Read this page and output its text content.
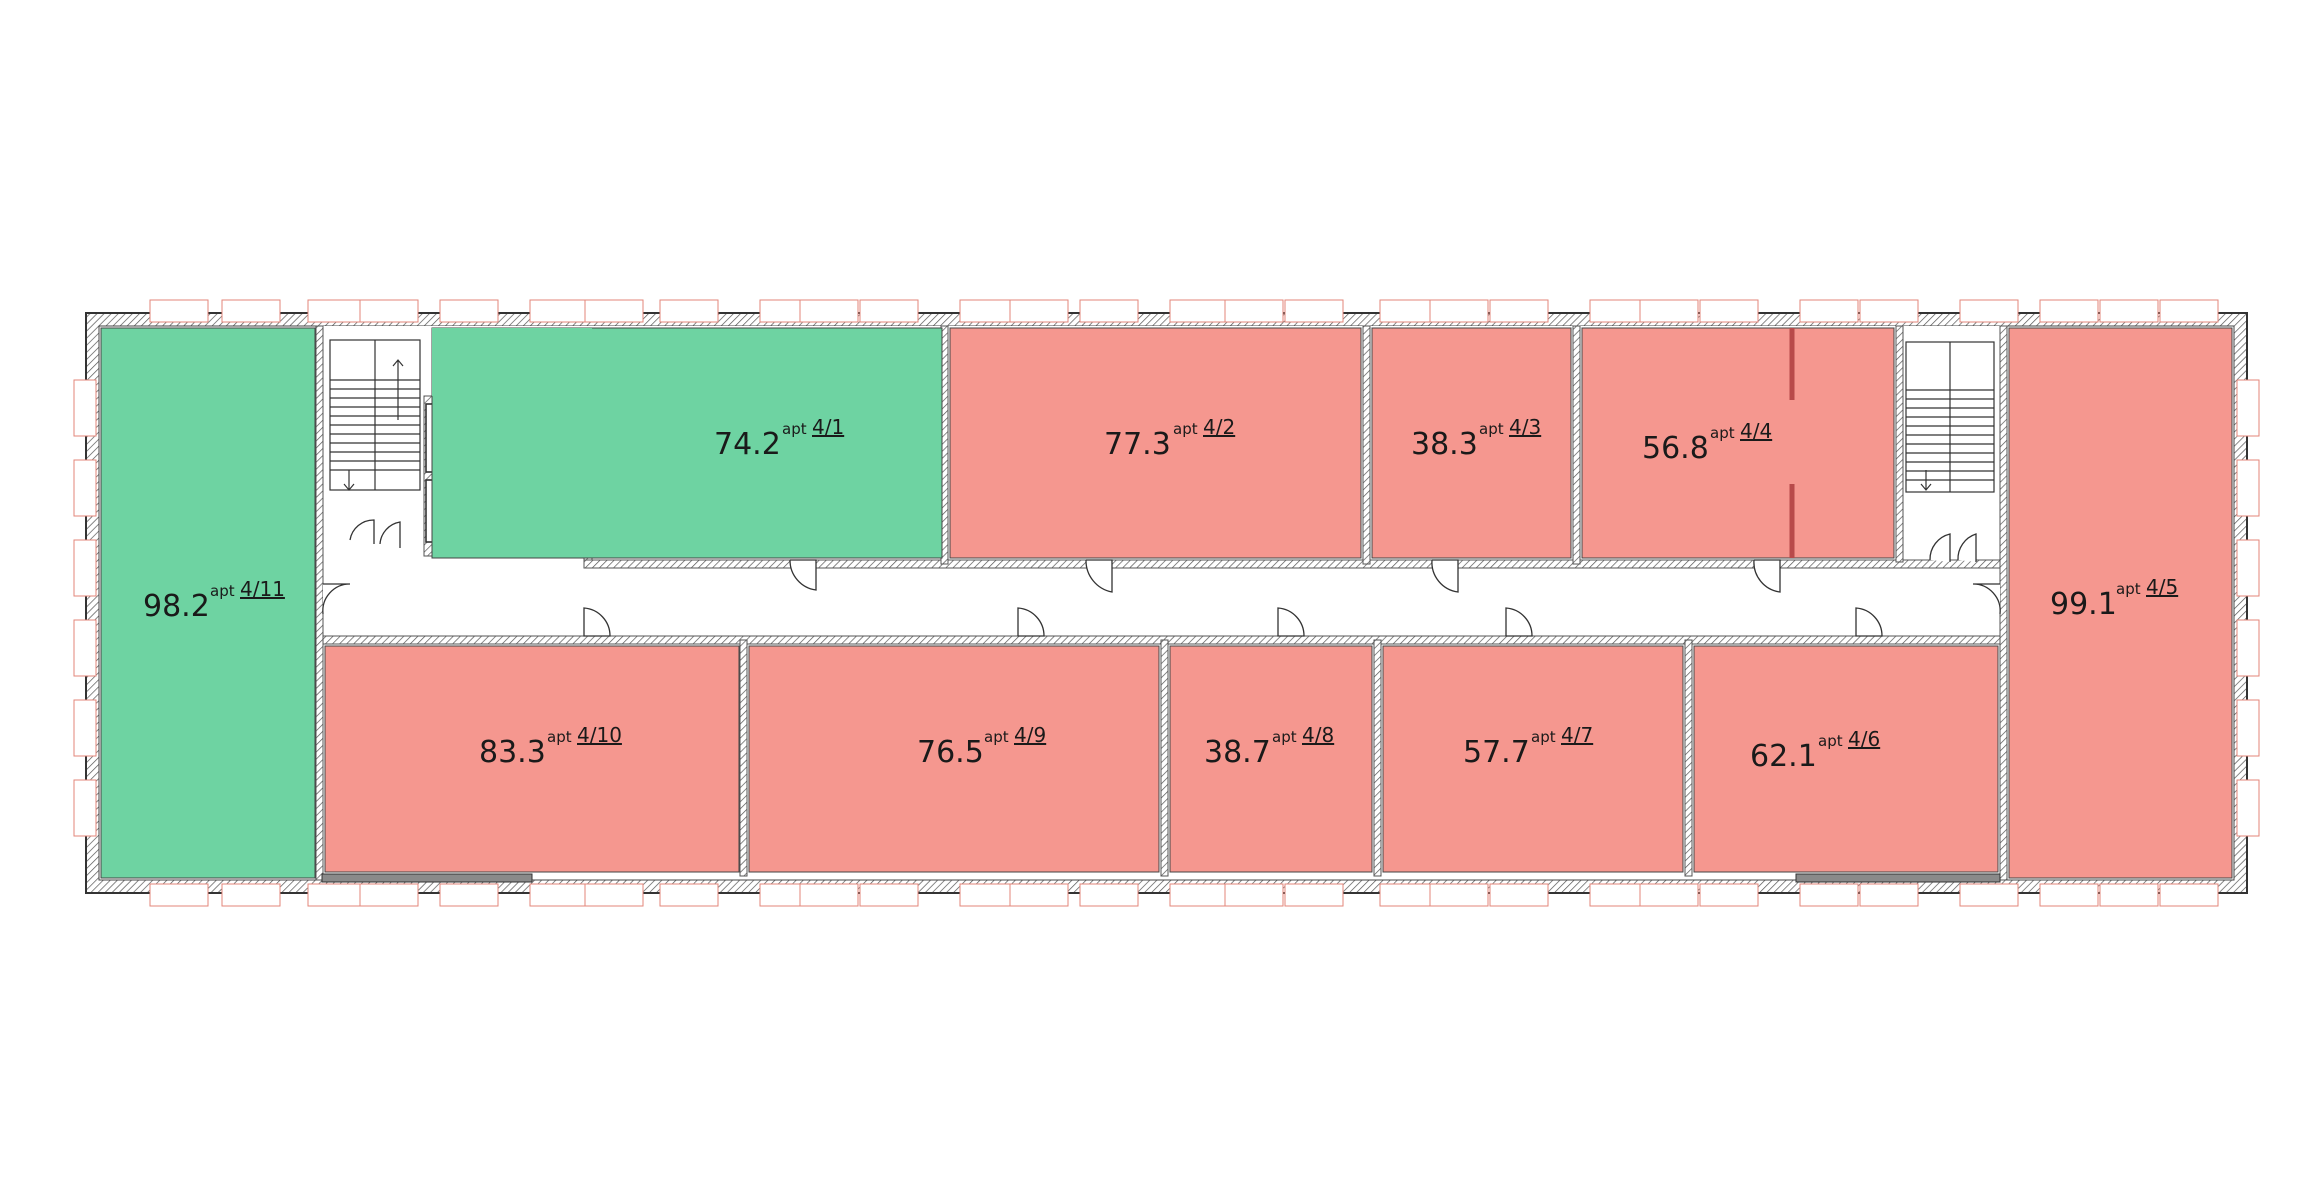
98.2 apt 4/11
74.2 apt 4/1	77.3 apt 4/2	38.3 apt 4/3
56.8 apt 4/4
99.1 apt 4/5
83.3 apt 4/10	76.5 apt 4/9	38.7 apt 4/8	57.7 apt 4/7
62.1 apt 4/6
